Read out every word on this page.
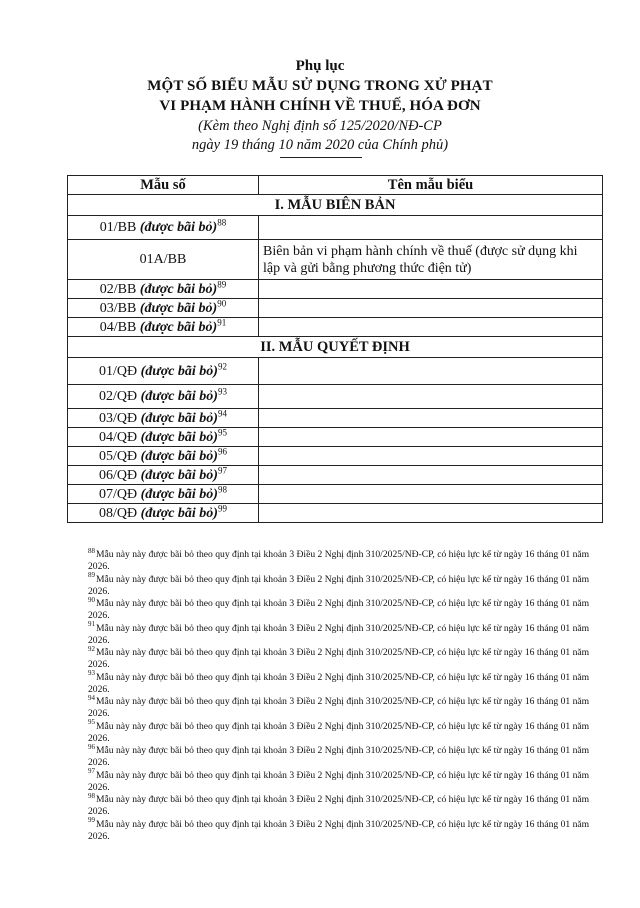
Phụ lục
MỘT SỐ BIỂU MẪU SỬ DỤNG TRONG XỬ PHẠT
VI PHẠM HÀNH CHÍNH VỀ THUẾ, HÓA ĐƠN
(Kèm theo Nghị định số 125/2020/NĐ-CP
ngày 19 tháng 10 năm 2020 của Chính phủ)
Mẫu số	Tên mẫu biểu
I. MẪU BIÊN BẢN	
01/BB (được bãi bỏ)$^{88}$	
01A/BB	Biên bản vi phạm hành chính về thuế (được sử dụng khi lập và gửi bằng phương thức điện tử)
02/BB (được bãi bỏ)$^{89}$	
03/BB (được bãi bỏ)$^{90}$	
04/BB (được bãi bỏ)$^{91}$	
II. MẪU QUYẾT ĐỊNH	
01/QĐ (được bãi bỏ)$^{92}$	
02/QĐ (được bãi bỏ)$^{93}$	
03/QĐ (được bãi bỏ)$^{94}$	
04/QĐ (được bãi bỏ)$^{95}$	
05/QĐ (được bãi bỏ)$^{96}$	
06/QĐ (được bãi bỏ)$^{97}$	
07/QĐ (được bãi bỏ)$^{98}$	
08/QĐ (được bãi bỏ)$^{99}$	
$^{88}$Mẫu này này được bãi bỏ theo quy định tại khoản 3 Điều 2 Nghị định 310/2025/NĐ-CP, có hiệu lực kể từ ngày 16 tháng 01 năm 2026.
$^{89}$Mẫu này này được bãi bỏ theo quy định tại khoản 3 Điều 2 Nghị định 310/2025/NĐ-CP, có hiệu lực kể từ ngày 16 tháng 01 năm 2026.
$^{90}$Mẫu này này được bãi bỏ theo quy định tại khoản 3 Điều 2 Nghị định 310/2025/NĐ-CP, có hiệu lực kể từ ngày 16 tháng 01 năm 2026.
$^{91}$Mẫu này này được bãi bỏ theo quy định tại khoản 3 Điều 2 Nghị định 310/2025/NĐ-CP, có hiệu lực kể từ ngày 16 tháng 01 năm 2026.
$^{92}$Mẫu này này được bãi bỏ theo quy định tại khoản 3 Điều 2 Nghị định 310/2025/NĐ-CP, có hiệu lực kể từ ngày 16 tháng 01 năm 2026.
$^{93}$Mẫu này này được bãi bỏ theo quy định tại khoản 3 Điều 2 Nghị định 310/2025/NĐ-CP, có hiệu lực kể từ ngày 16 tháng 01 năm 2026.
$^{94}$Mẫu này này được bãi bỏ theo quy định tại khoản 3 Điều 2 Nghị định 310/2025/NĐ-CP, có hiệu lực kể từ ngày 16 tháng 01 năm 2026.
$^{95}$Mẫu này này được bãi bỏ theo quy định tại khoản 3 Điều 2 Nghị định 310/2025/NĐ-CP, có hiệu lực kể từ ngày 16 tháng 01 năm 2026.
$^{96}$Mẫu này này được bãi bỏ theo quy định tại khoản 3 Điều 2 Nghị định 310/2025/NĐ-CP, có hiệu lực kể từ ngày 16 tháng 01 năm 2026.
$^{97}$Mẫu này này được bãi bỏ theo quy định tại khoản 3 Điều 2 Nghị định 310/2025/NĐ-CP, có hiệu lực kể từ ngày 16 tháng 01 năm 2026.
$^{98}$Mẫu này này được bãi bỏ theo quy định tại khoản 3 Điều 2 Nghị định 310/2025/NĐ-CP, có hiệu lực kể từ ngày 16 tháng 01 năm 2026.
$^{99}$Mẫu này này được bãi bỏ theo quy định tại khoản 3 Điều 2 Nghị định 310/2025/NĐ-CP, có hiệu lực kể từ ngày 16 tháng 01 năm 2026.
